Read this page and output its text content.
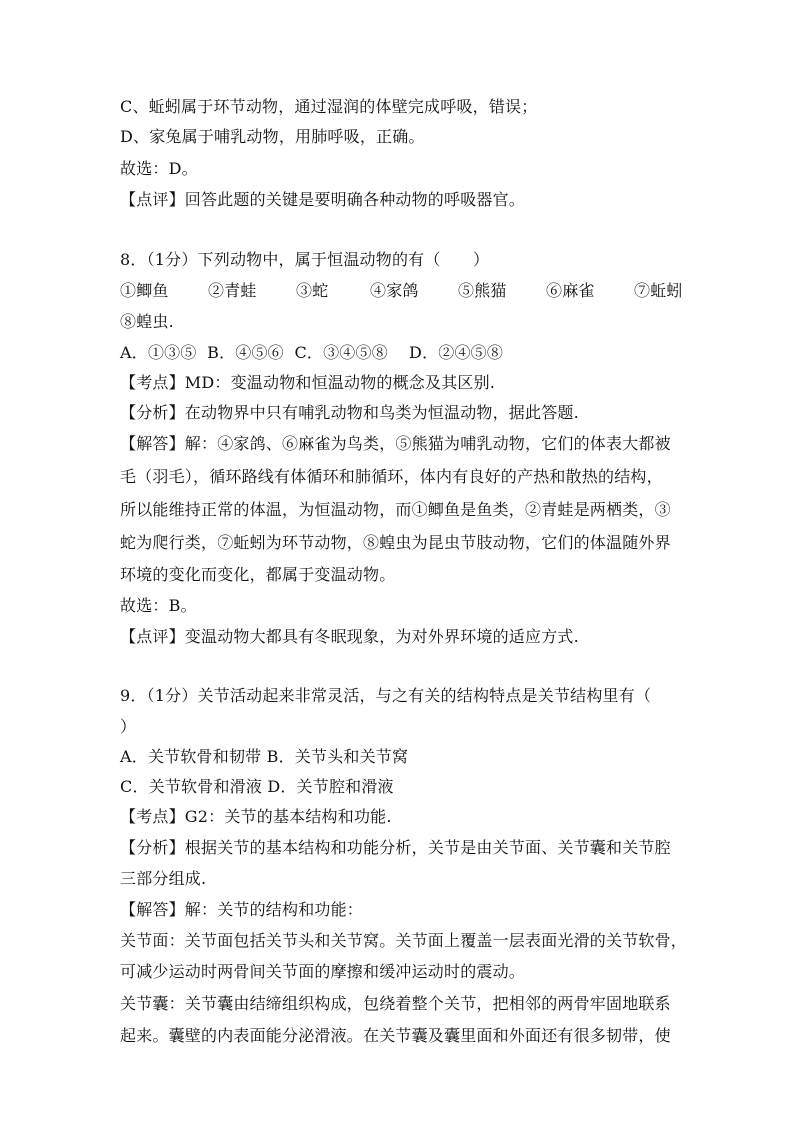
C、蚯蚓属于环节动物，通过湿润的体壁完成呼吸，错误；
D、家兔属于哺乳动物，用肺呼吸，正确。
故选：D。
【点评】回答此题的关键是要明确各种动物的呼吸器官。
8．（1分）下列动物中，属于恒温动物的有（　　）
①鲫鱼	②青蛙	③蛇	④家鸽	⑤熊猫	⑥麻雀	⑦蚯蚓
⑧蝗虫.
A．①③⑤  B．④⑤⑥  C．③④⑤⑧    D．②④⑤⑧
【考点】MD：变温动物和恒温动物的概念及其区别.
【分析】在动物界中只有哺乳动物和鸟类为恒温动物，据此答题.
【解答】解：④家鸽、⑥麻雀为鸟类，⑤熊猫为哺乳动物，它们的体表大都被
毛（羽毛），循环路线有体循环和肺循环，体内有良好的产热和散热的结构，
所以能维持正常的体温，为恒温动物，而①鲫鱼是鱼类，②青蛙是两栖类，③
蛇为爬行类，⑦蚯蚓为环节动物，⑧蝗虫为昆虫节肢动物，它们的体温随外界
环境的变化而变化，都属于变温动物。
故选：B。
【点评】变温动物大都具有冬眠现象，为对外界环境的适应方式.
9．（1分）关节活动起来非常灵活，与之有关的结构特点是关节结构里有（
）
A．关节软骨和韧带 B．关节头和关节窝
C．关节软骨和滑液 D．关节腔和滑液
【考点】G2：关节的基本结构和功能.
【分析】根据关节的基本结构和功能分析，关节是由关节面、关节囊和关节腔
三部分组成.
【解答】解：关节的结构和功能：
关节面：关节面包括关节头和关节窝。关节面上覆盖一层表面光滑的关节软骨，
可减少运动时两骨间关节面的摩擦和缓冲运动时的震动。
关节囊：关节囊由结缔组织构成，包绕着整个关节，把相邻的两骨牢固地联系
起来。囊壁的内表面能分泌滑液。在关节囊及囊里面和外面还有很多韧带，使
